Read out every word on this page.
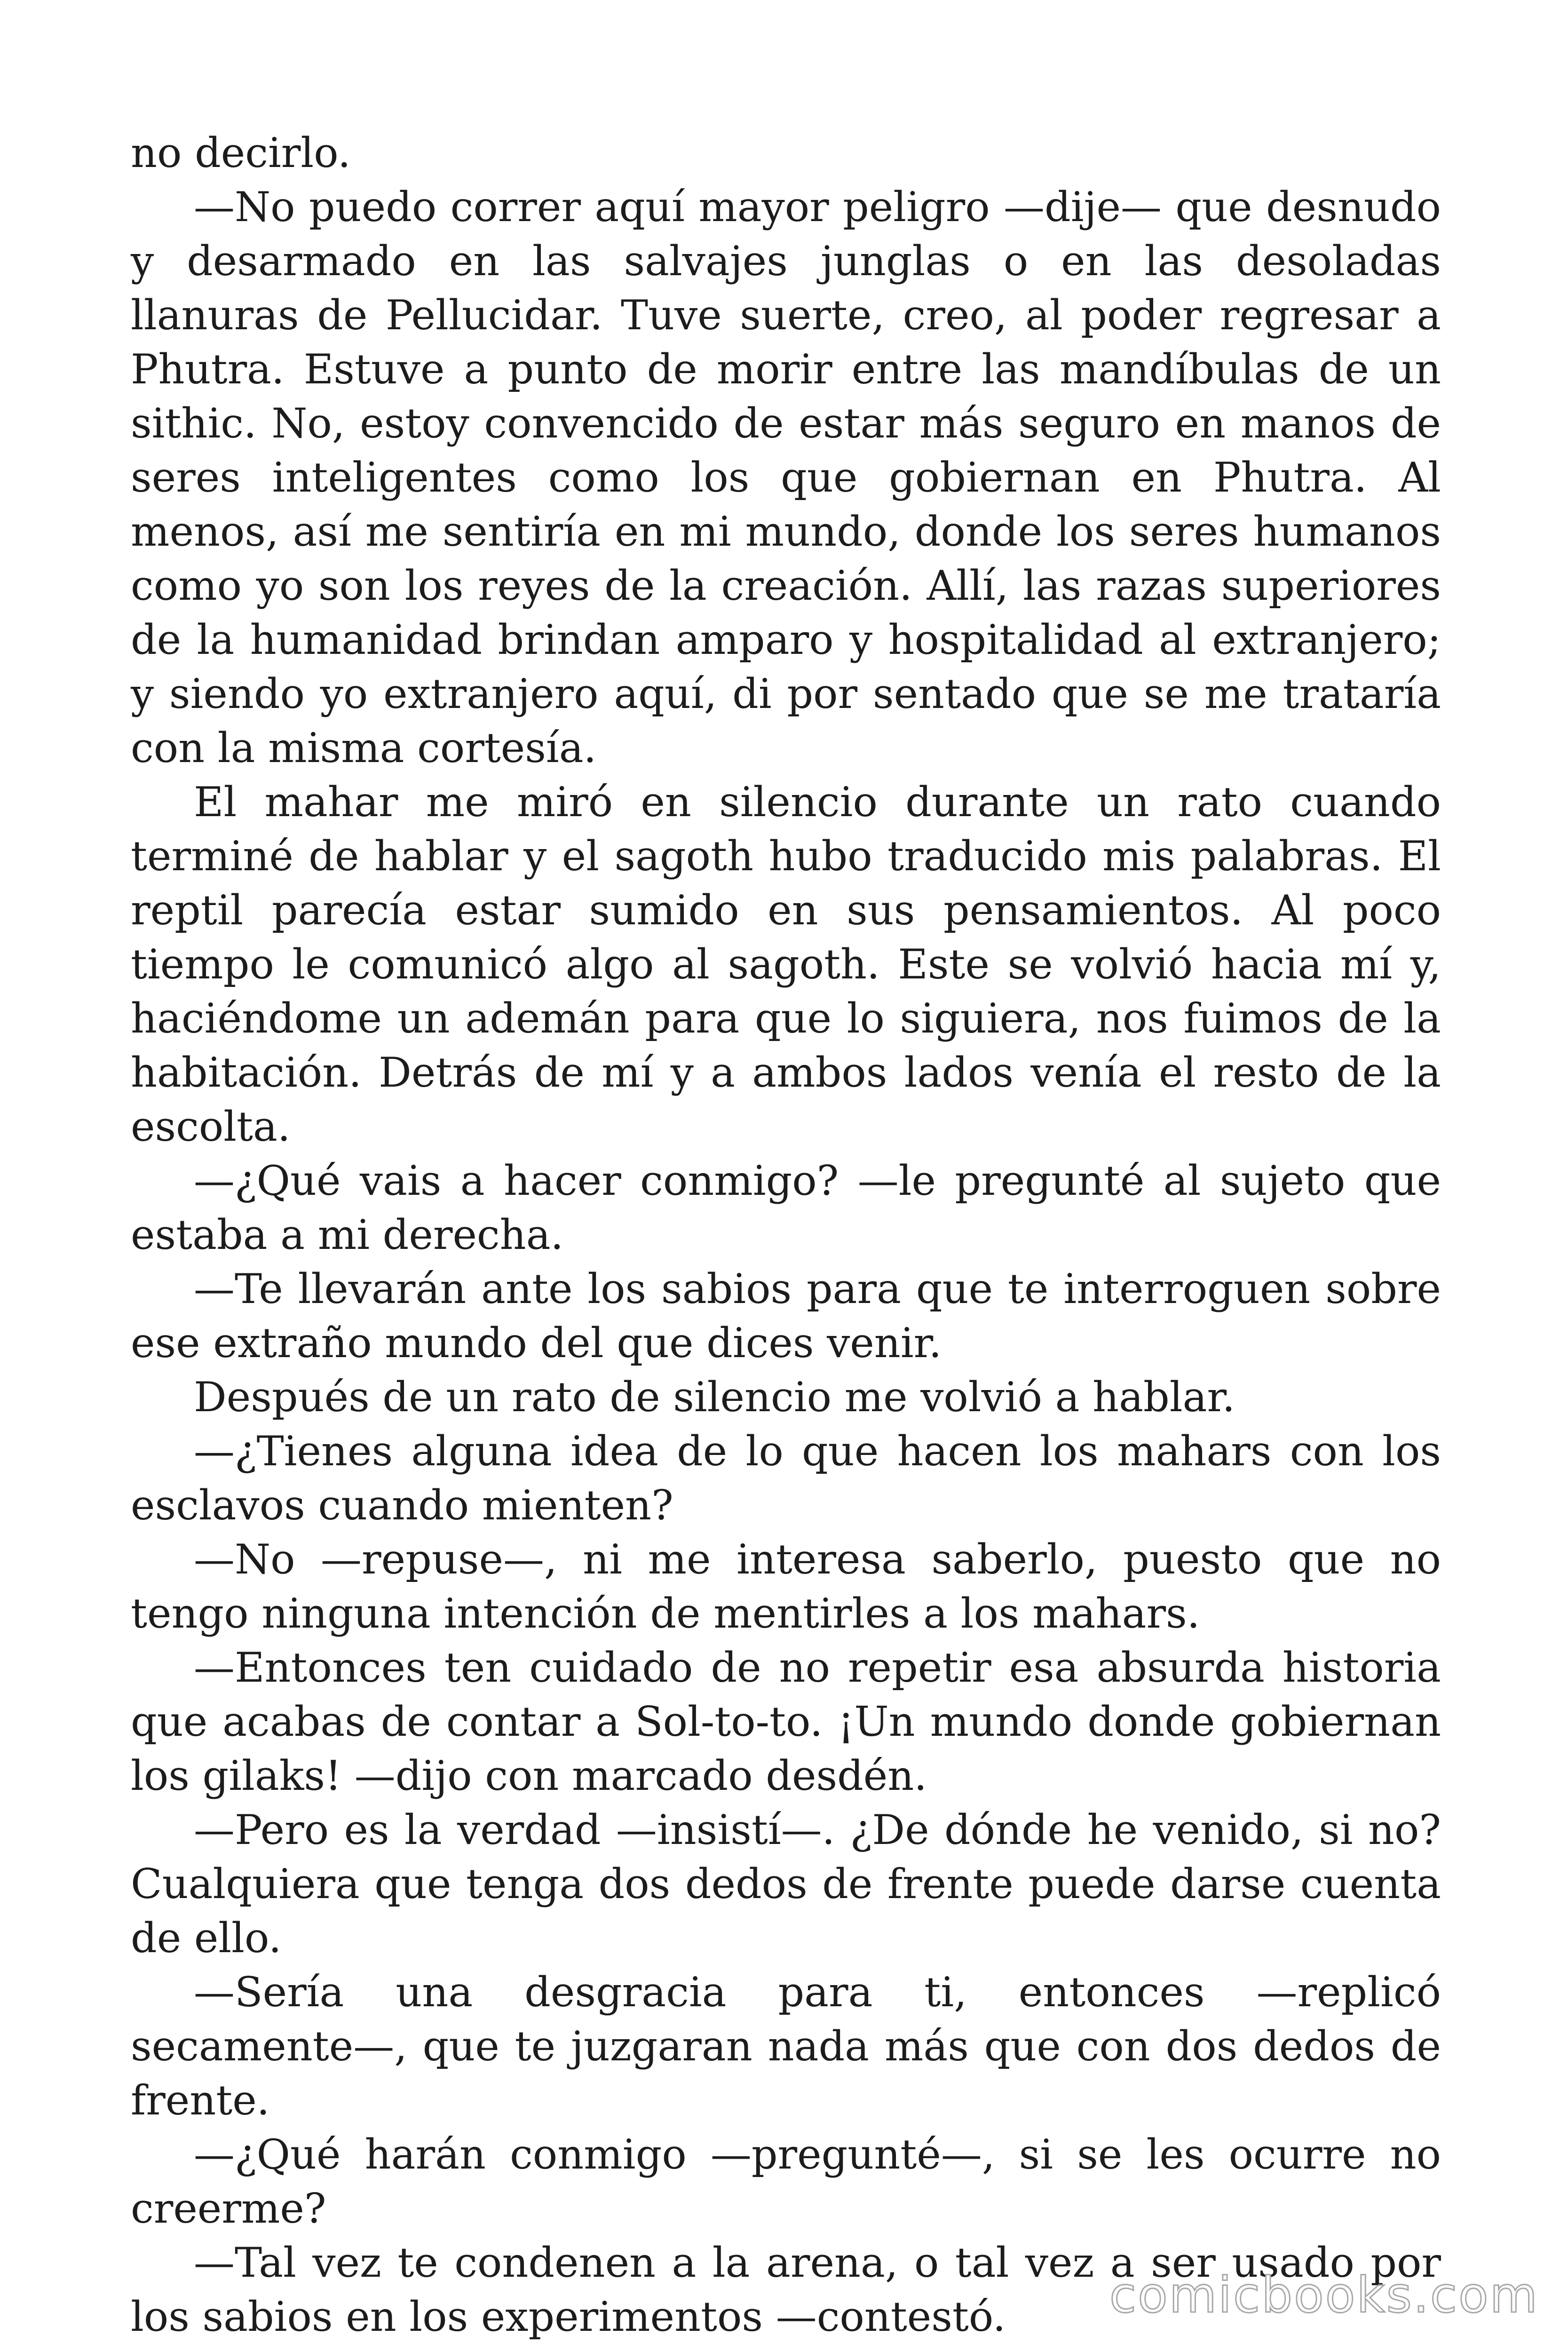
no decirlo.

—No puedo correr aquí mayor peligro —dije— que desnudo y desarmado en las salvajes junglas o en las desoladas llanuras de Pellucidar. Tuve suerte, creo, al poder regresar a Phutra. Estuve a punto de morir entre las mandíbulas de un sithic. No, estoy convencido de estar más seguro en manos de seres inteligentes como los que gobiernan en Phutra. Al menos, así me sentiría en mi mundo, donde los seres humanos como yo son los reyes de la creación. Allí, las razas superiores de la humanidad brindan amparo y hospitalidad al extranjero; y siendo yo extranjero aquí, di por sentado que se me trataría con la misma cortesía.

El mahar me miró en silencio durante un rato cuando terminé de hablar y el sagoth hubo traducido mis palabras. El reptil parecía estar sumido en sus pensamientos. Al poco tiempo le comunicó algo al sagoth. Este se volvió hacia mí y, haciéndome un ademán para que lo siguiera, nos fuimos de la habitación. Detrás de mí y a ambos lados venía el resto de la escolta.

—¿Qué vais a hacer conmigo? —le pregunté al sujeto que estaba a mi derecha.

—Te llevarán ante los sabios para que te interroguen sobre ese extraño mundo del que dices venir.

Después de un rato de silencio me volvió a hablar.

—¿Tienes alguna idea de lo que hacen los mahars con los esclavos cuando mienten?

—No —repuse—, ni me interesa saberlo, puesto que no tengo ninguna intención de mentirles a los mahars.

—Entonces ten cuidado de no repetir esa absurda historia que acabas de contar a Sol-to-to. ¡Un mundo donde gobiernan los gilaks! —dijo con marcado desdén.

—Pero es la verdad —insistí—. ¿De dónde he venido, si no? Cualquiera que tenga dos dedos de frente puede darse cuenta de ello.

—Sería una desgracia para ti, entonces —replicó secamente—, que te juzgaran nada más que con dos dedos de frente.

—¿Qué harán conmigo —pregunté—, si se les ocurre no creerme?

—Tal vez te condenen a la arena, o tal vez a ser usado por los sabios en los experimentos —contestó.	comicbooks.com
